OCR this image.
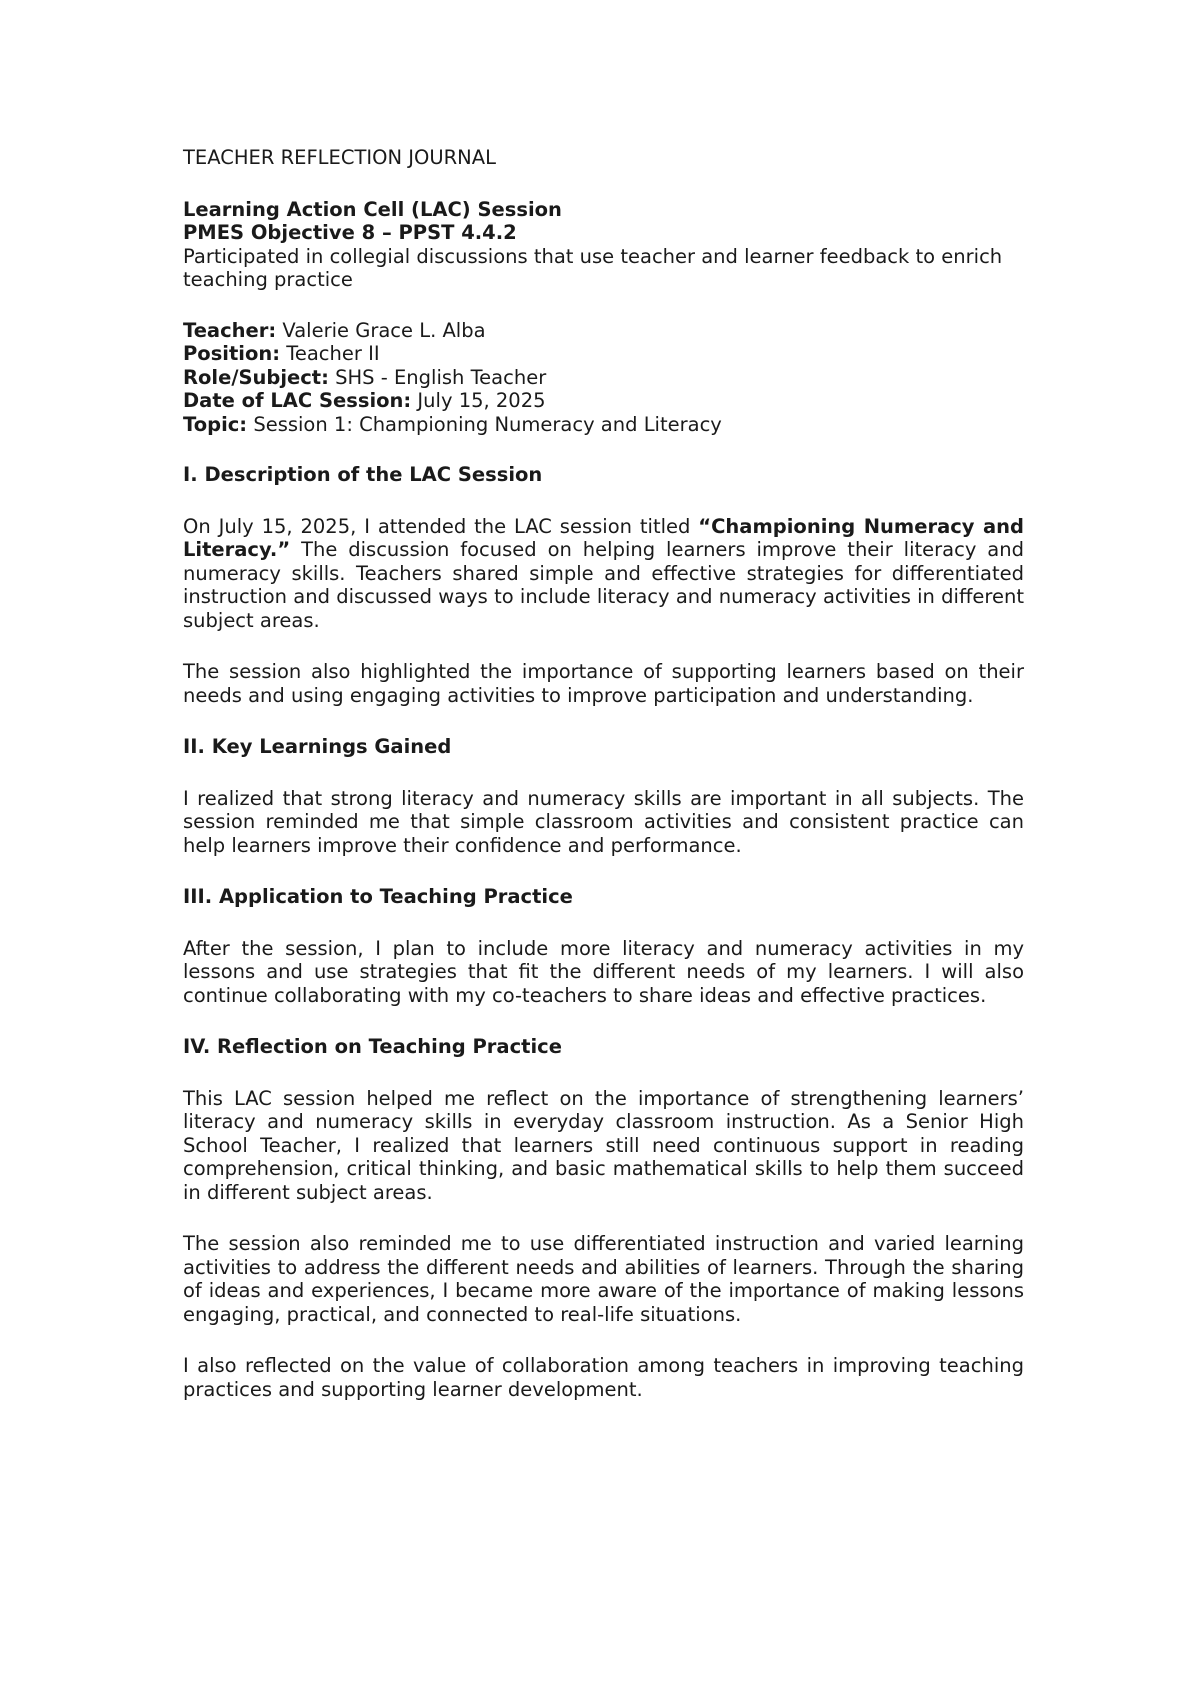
TEACHER REFLECTION JOURNAL
Learning Action Cell (LAC) Session
PMES Objective 8 – PPST 4.4.2
Participated in collegial discussions that use teacher and learner feedback to enrich teaching practice
Teacher: Valerie Grace L. Alba
Position: Teacher II
Role/Subject: SHS - English Teacher
Date of LAC Session: July 15, 2025
Topic: Session 1: Championing Numeracy and Literacy
I. Description of the LAC Session

On July 15, 2025, I attended the LAC session titled “Championing Numeracy and Literacy.” The discussion focused on helping learners improve their literacy and numeracy skills. Teachers shared simple and effective strategies for differentiated instruction and discussed ways to include literacy and numeracy activities in different subject areas.

The session also highlighted the importance of supporting learners based on their needs and using engaging activities to improve participation and understanding.

II. Key Learnings Gained

I realized that strong literacy and numeracy skills are important in all subjects. The session reminded me that simple classroom activities and consistent practice can help learners improve their confidence and performance.

III. Application to Teaching Practice

After the session, I plan to include more literacy and numeracy activities in my lessons and use strategies that fit the different needs of my learners. I will also continue collaborating with my co-teachers to share ideas and effective practices.

IV. Reflection on Teaching Practice

This LAC session helped me reflect on the importance of strengthening learners’ literacy and numeracy skills in everyday classroom instruction. As a Senior High School Teacher, I realized that learners still need continuous support in reading comprehension, critical thinking, and basic mathematical skills to help them succeed in different subject areas.

The session also reminded me to use differentiated instruction and varied learning activities to address the different needs and abilities of learners. Through the sharing of ideas and experiences, I became more aware of the importance of making lessons engaging, practical, and connected to real-life situations.

I also reflected on the value of collaboration among teachers in improving teaching practices and supporting learner development.
